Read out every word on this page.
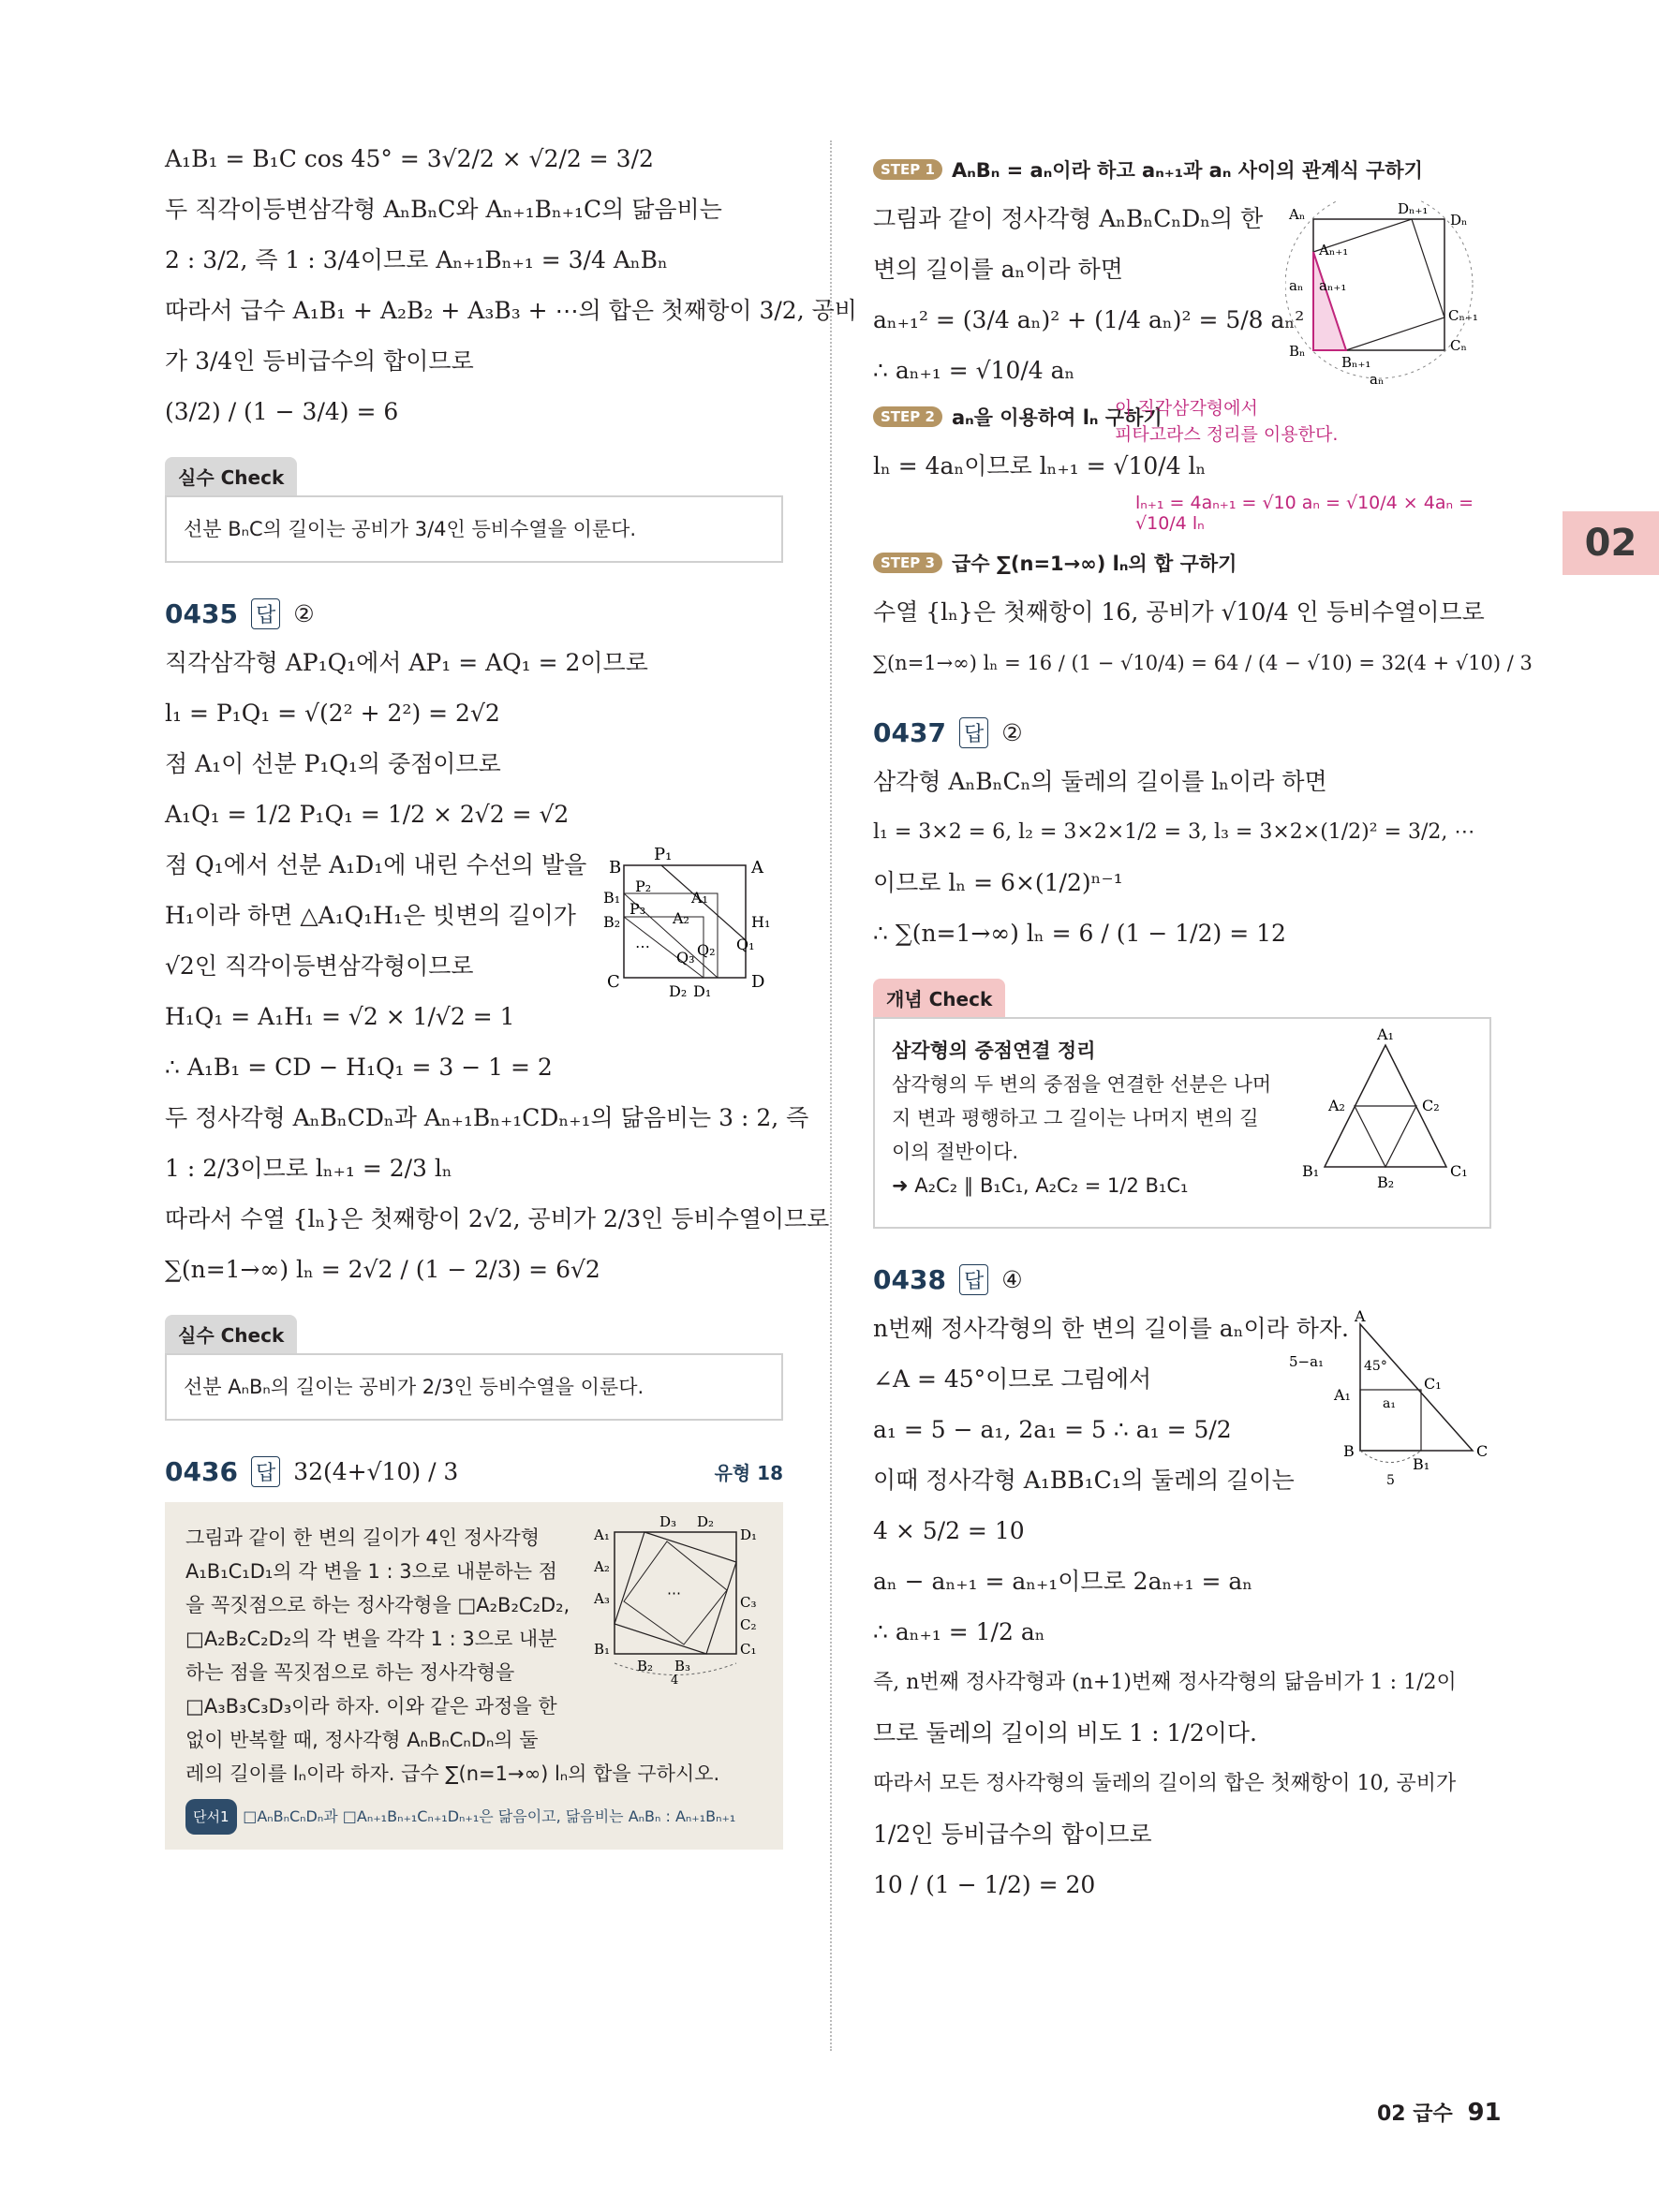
02
A₁B₁ = B₁C cos 45° = 3√2/2 × √2/2 = 3/2
두 직각이등변삼각형 AₙBₙC와 Aₙ₊₁Bₙ₊₁C의 닮음비는
2 : 3/2, 즉 1 : 3/4이므로 Aₙ₊₁Bₙ₊₁ = 3/4 AₙBₙ
따라서 급수 A₁B₁ + A₂B₂ + A₃B₃ + ⋯의 합은 첫째항이 3/2, 공비
가 3/4인 등비급수의 합이므로
(3/2) / (1 − 3/4) = 6
실수 Check
선분 BₙC의 길이는 공비가 3/4인 등비수열을 이룬다.
0435 답 ②
직각삼각형 AP₁Q₁에서 AP₁ = AQ₁ = 2이므로
l₁ = P₁Q₁ = √(2² + 2²) = 2√2
점 A₁이 선분 P₁Q₁의 중점이므로
A₁Q₁ = 1/2 P₁Q₁ = 1/2 × 2√2 = √2
점 Q₁에서 선분 A₁D₁에 내린 수선의 발을
H₁이라 하면 △A₁Q₁H₁은 빗변의 길이가
√2인 직각이등변삼각형이므로
H₁Q₁ = A₁H₁ = √2 × 1/√2 = 1
∴ A₁B₁ = CD − H₁Q₁ = 3 − 1 = 2
두 정사각형 AₙBₙCDₙ과 Aₙ₊₁Bₙ₊₁CDₙ₊₁의 닮음비는 3 : 2, 즉
1 : 2/3이므로 lₙ₊₁ = 2/3 lₙ
따라서 수열 {lₙ}은 첫째항이 2√2, 공비가 2/3인 등비수열이므로
∑(n=1→∞) lₙ = 2√2 / (1 − 2/3) = 6√2
B
P₁
A
P₂
A₁
B₁
P₃
A₂	H₁
B₂
Q₁
⋯
Q₃ Q₂
C	D₂ D₁ D
실수 Check
선분 AₙBₙ의 길이는 공비가 2/3인 등비수열을 이룬다.
0436 답 32(4+√10) / 3	유형 18
그림과 같이 한 변의 길이가 4인 정사각형
A₁B₁C₁D₁의 각 변을 1 : 3으로 내분하는 점
을 꼭짓점으로 하는 정사각형을 □A₂B₂C₂D₂,
□A₂B₂C₂D₂의 각 변을 각각 1 : 3으로 내분
하는 점을 꼭짓점으로 하는 정사각형을
□A₃B₃C₃D₃이라 하자. 이와 같은 과정을 한
없이 반복할 때, 정사각형 AₙBₙCₙDₙ의 둘
레의 길이를 lₙ이라 하자. 급수 ∑(n=1→∞) lₙ의 합을 구하시오.
단서1 □AₙBₙCₙDₙ과 □Aₙ₊₁Bₙ₊₁Cₙ₊₁Dₙ₊₁은 닮음이고, 닮음비는 AₙBₙ : Aₙ₊₁Bₙ₊₁
A₁
D₃ D₂
D₁
A₂
A₃	⋯
C₃
C₂
B₁	C₁
B₂ B₃
4
STEP 1 AₙBₙ = aₙ이라 하고 aₙ₊₁과 aₙ 사이의 관계식 구하기
그림과 같이 정사각형 AₙBₙCₙDₙ의 한
변의 길이를 aₙ이라 하면
aₙ₊₁² = (3/4 aₙ)² + (1/4 aₙ)² = 5/8 aₙ²
∴ aₙ₊₁ = √10/4 aₙ
이 직각삼각형에서
피타고라스 정리를 이용한다.
Aₙ	Dₙ₊₁
Dₙ
Aₙ₊₁
aₙ aₙ₊₁
Cₙ₊₁
Bₙ
Bₙ₊₁
Cₙ
aₙ
STEP 2 aₙ을 이용하여 lₙ 구하기
lₙ = 4aₙ이므로 lₙ₊₁ = √10/4 lₙ
lₙ₊₁ = 4aₙ₊₁ = √10 aₙ = √10/4 × 4aₙ = √10/4 lₙ
STEP 3 급수 ∑(n=1→∞) lₙ의 합 구하기
수열 {lₙ}은 첫째항이 16, 공비가 √10/4 인 등비수열이므로
∑(n=1→∞) lₙ = 16 / (1 − √10/4) = 64 / (4 − √10) = 32(4 + √10) / 3
0437 답 ②
삼각형 AₙBₙCₙ의 둘레의 길이를 lₙ이라 하면
l₁ = 3×2 = 6, l₂ = 3×2×1/2 = 3, l₃ = 3×2×(1/2)² = 3/2, ⋯
이므로 lₙ = 6×(1/2)ⁿ⁻¹
∴ ∑(n=1→∞) lₙ = 6 / (1 − 1/2) = 12
개념 Check
삼각형의 중점연결 정리
삼각형의 두 변의 중점을 연결한 선분은 나머
지 변과 평행하고 그 길이는 나머지 변의 길
이의 절반이다.
➜ A₂C₂ ∥ B₁C₁, A₂C₂ = 1/2 B₁C₁
A₁
A₂	C₂
B₁
B₂
C₁
0438 답 ④
n번째 정사각형의 한 변의 길이를 aₙ이라 하자.
∠A = 45°이므로 그림에서
a₁ = 5 − a₁, 2a₁ = 5 ∴ a₁ = 5/2
이때 정사각형 A₁BB₁C₁의 둘레의 길이는
4 × 5/2 = 10
aₙ − aₙ₊₁ = aₙ₊₁이므로 2aₙ₊₁ = aₙ
∴ aₙ₊₁ = 1/2 aₙ
즉, n번째 정사각형과 (n+1)번째 정사각형의 닮음비가 1 : 1/2이
므로 둘레의 길이의 비도 1 : 1/2이다.
따라서 모든 정사각형의 둘레의 길이의 합은 첫째항이 10, 공비가
1/2인 등비급수의 합이므로
10 / (1 − 1/2) = 20
A
5−a₁	45°
A₁
C₁
a₁
B	C
B₁
5
02 급수 91
